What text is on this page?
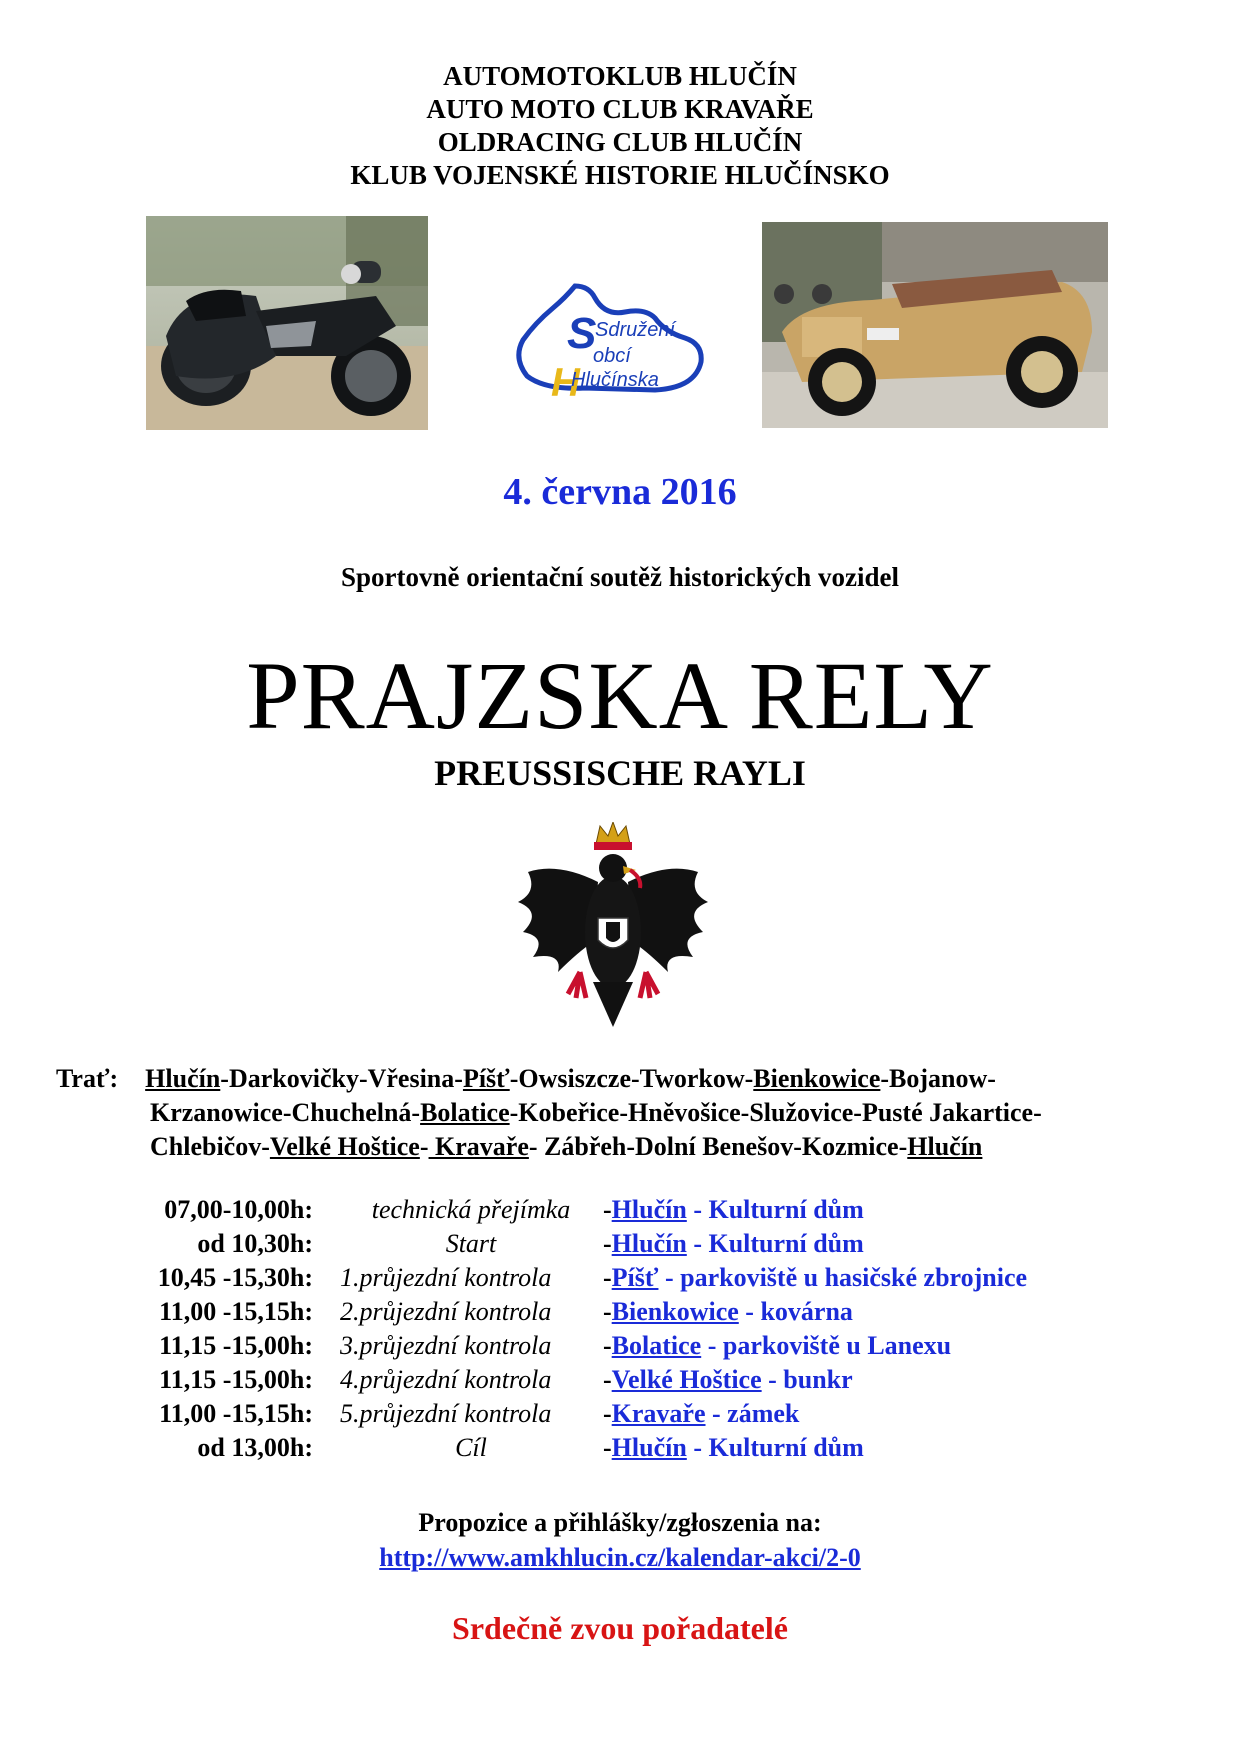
AUTOMOTOKLUB HLUČÍN
AUTO MOTO CLUB KRAVAŘE
OLDRACING CLUB HLUČÍN
KLUB VOJENSKÉ HISTORIE HLUČÍNSKO
S
H
Sdružení
obcí
Hlučínska
4. června 2016
Sportovně orientační soutěž historických vozidel
PRAJZSKA RELY
PREUSSISCHE RAYLI
Trať: Hlučín-Darkovičky-Vřesina-Píšť-Owsiszcze-Tworkow-Bienkowice-Bojanow-
Krzanowice-Chuchelná-Bolatice-Kobeřice-Hněvošice-Služovice-Pusté Jakartice-
Chlebičov-Velké Hoštice- Kravaře- Zábřeh-Dolní Benešov-Kozmice-Hlučín
07,00-10,00h:	technická přejímka	-Hlučín - Kulturní dům
od 10,30h:	Start	-Hlučín - Kulturní dům
10,45 -15,30h: 1.průjezdní kontrola	-Píšť - parkoviště u hasičské zbrojnice
11,00 -15,15h: 2.průjezdní kontrola	-Bienkowice - kovárna
11,15 -15,00h: 3.průjezdní kontrola	-Bolatice - parkoviště u Lanexu
11,15 -15,00h: 4.průjezdní kontrola	-Velké Hoštice - bunkr
11,00 -15,15h: 5.průjezdní kontrola	-Kravaře - zámek
od 13,00h:	Cíl	-Hlučín - Kulturní dům
Propozice a přihlášky/zgłoszenia na:
http://www.amkhlucin.cz/kalendar-akci/2-0
Srdečně zvou pořadatelé
